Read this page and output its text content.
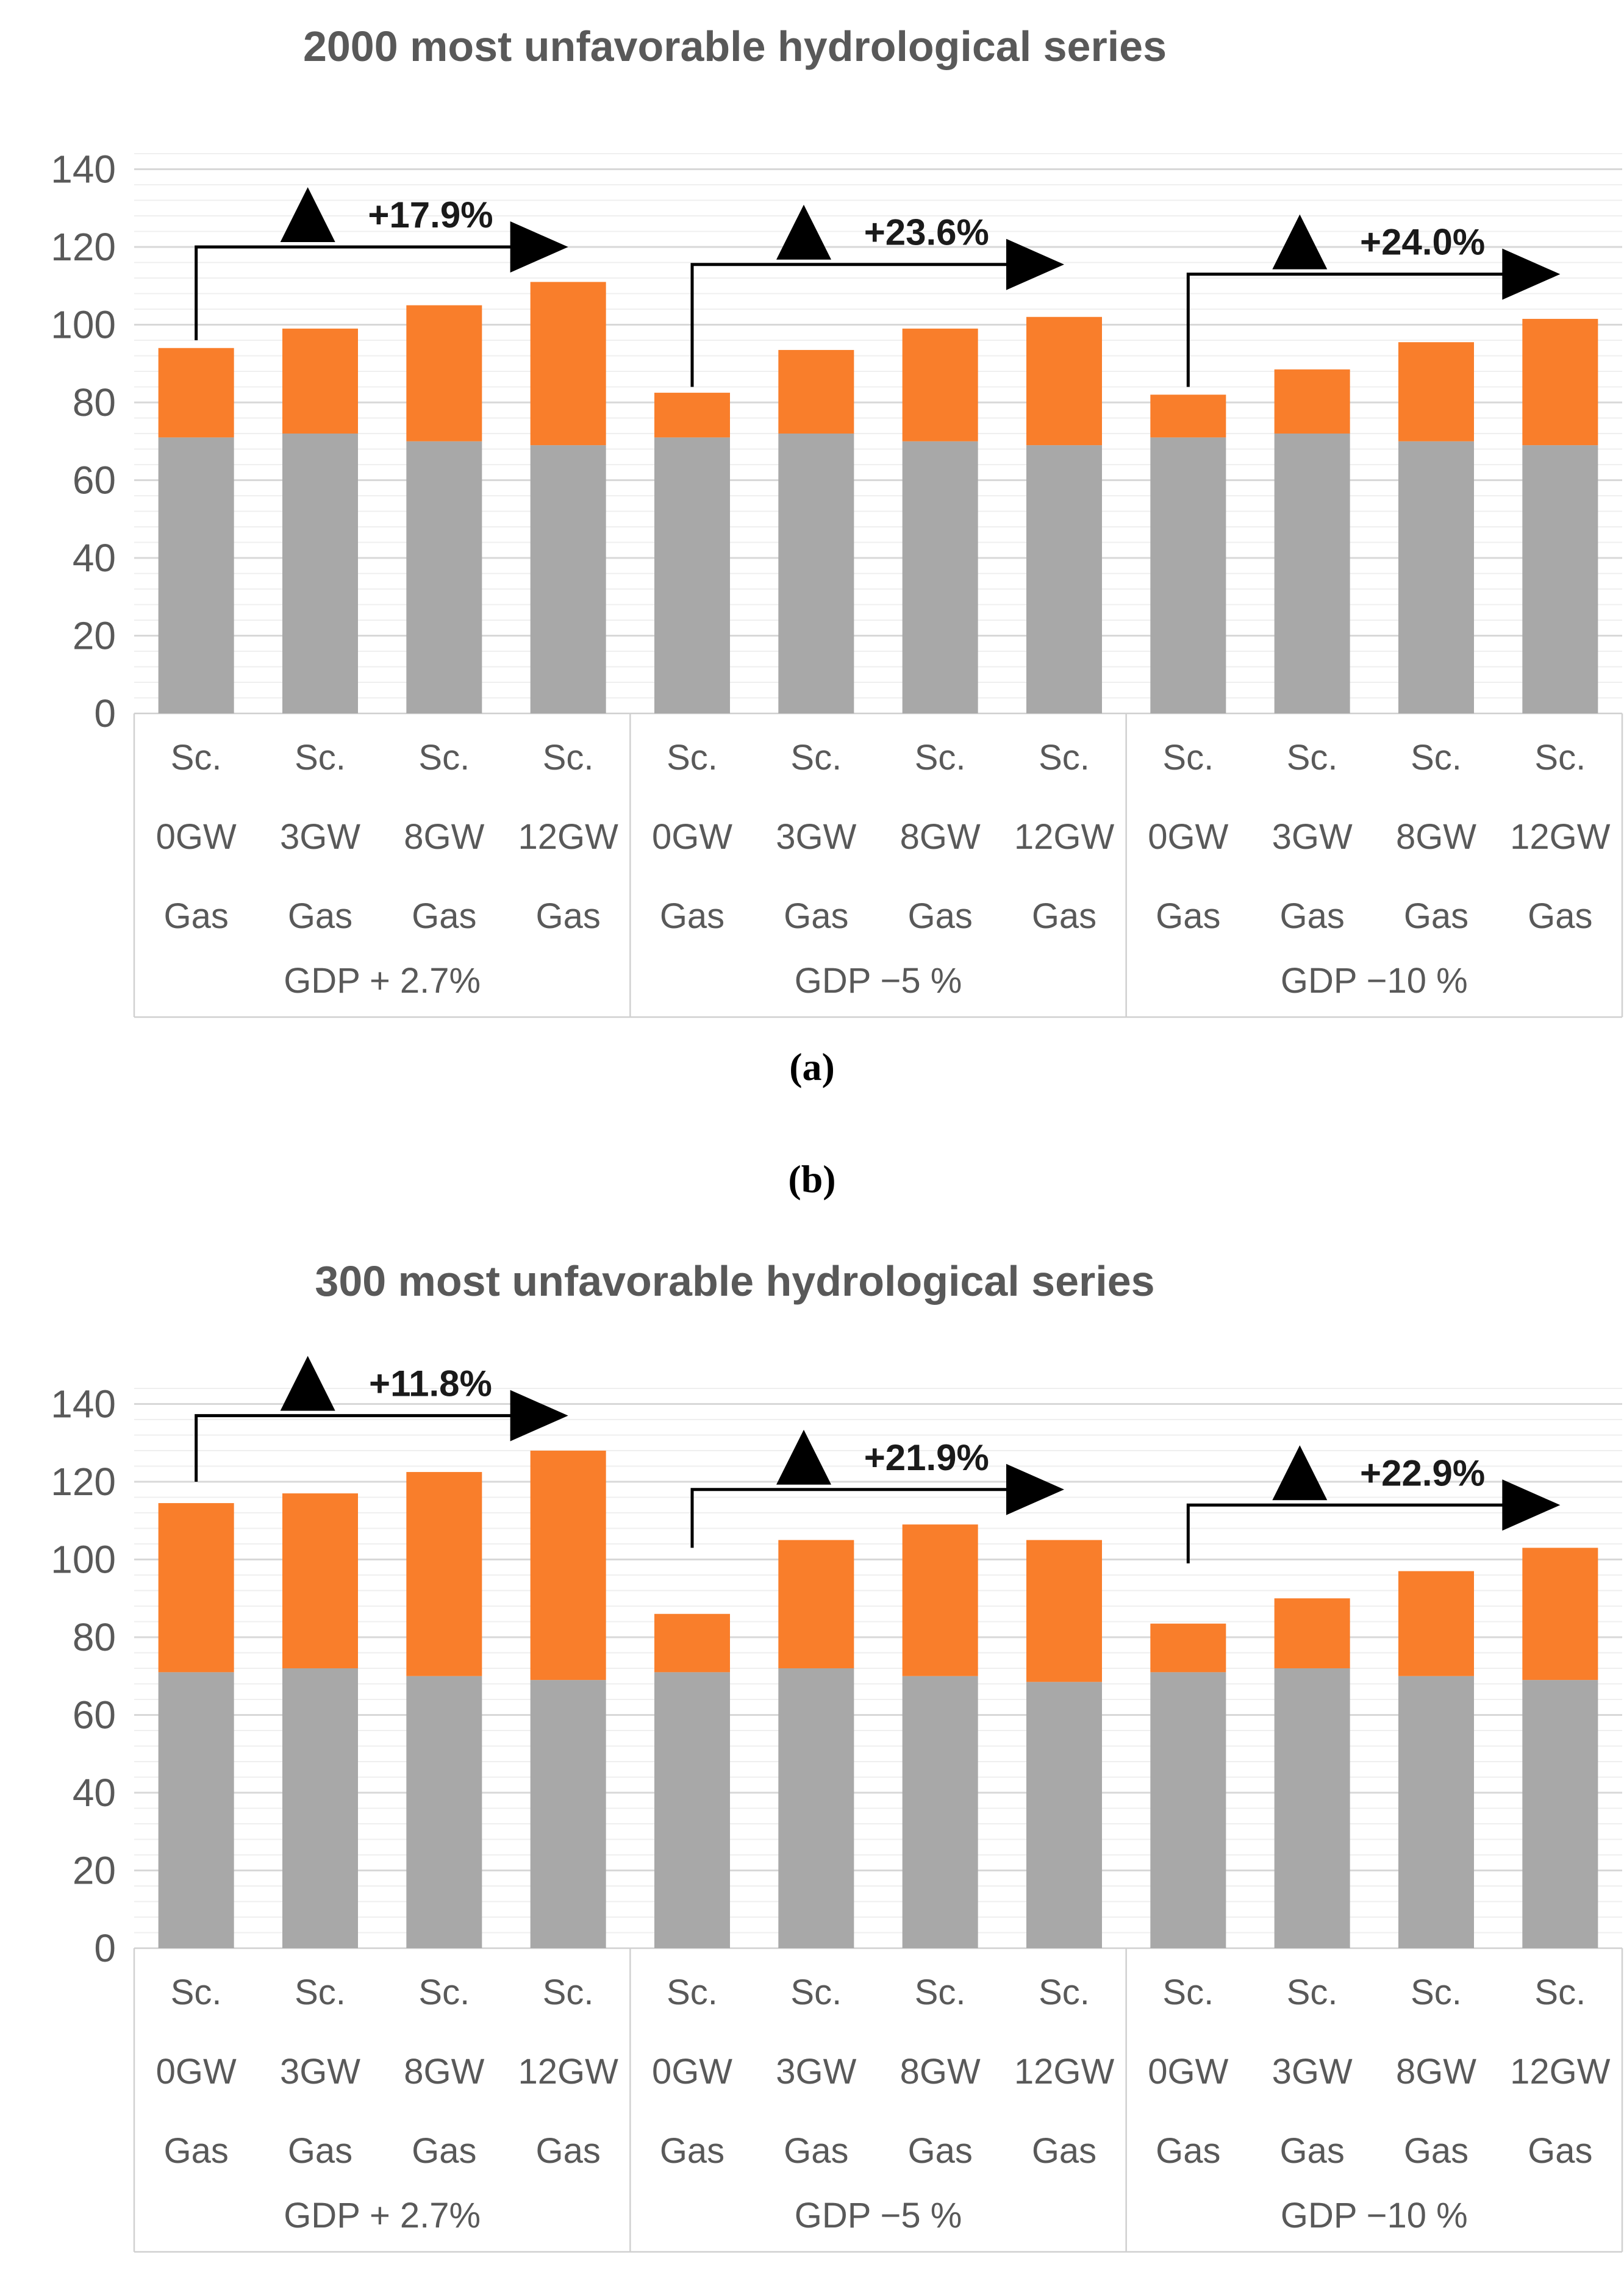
2000 most unfavorable hydrological series
0
20
40
60
80
100
120
140
Sc.
0GW
Gas
Sc.
3GW
Gas
Sc.
8GW
Gas
Sc.
12GW
Gas
GDP + 2.7%
Sc.
0GW
Gas
Sc.
3GW
Gas
Sc.
8GW
Gas
Sc.
12GW
Gas
GDP −5 %
Sc.
0GW
Gas
Sc.
3GW
Gas
Sc.
8GW
Gas
Sc.
12GW
Gas
GDP −10 %
+17.9%	+23.6%	+24.0%
(a)
(b)
300 most unfavorable hydrological series
0
20
40
60
80
100
120
140
Sc.
0GW
Gas
Sc.
3GW
Gas
Sc.
8GW
Gas
Sc.
12GW
Gas
GDP + 2.7%
Sc.
0GW
Gas
Sc.
3GW
Gas
Sc.
8GW
Gas
Sc.
12GW
Gas
GDP −5 %
Sc.
0GW
Gas
Sc.
3GW
Gas
Sc.
8GW
Gas
Sc.
12GW
Gas
GDP −10 %
+11.8%
+21.9%	+22.9%
